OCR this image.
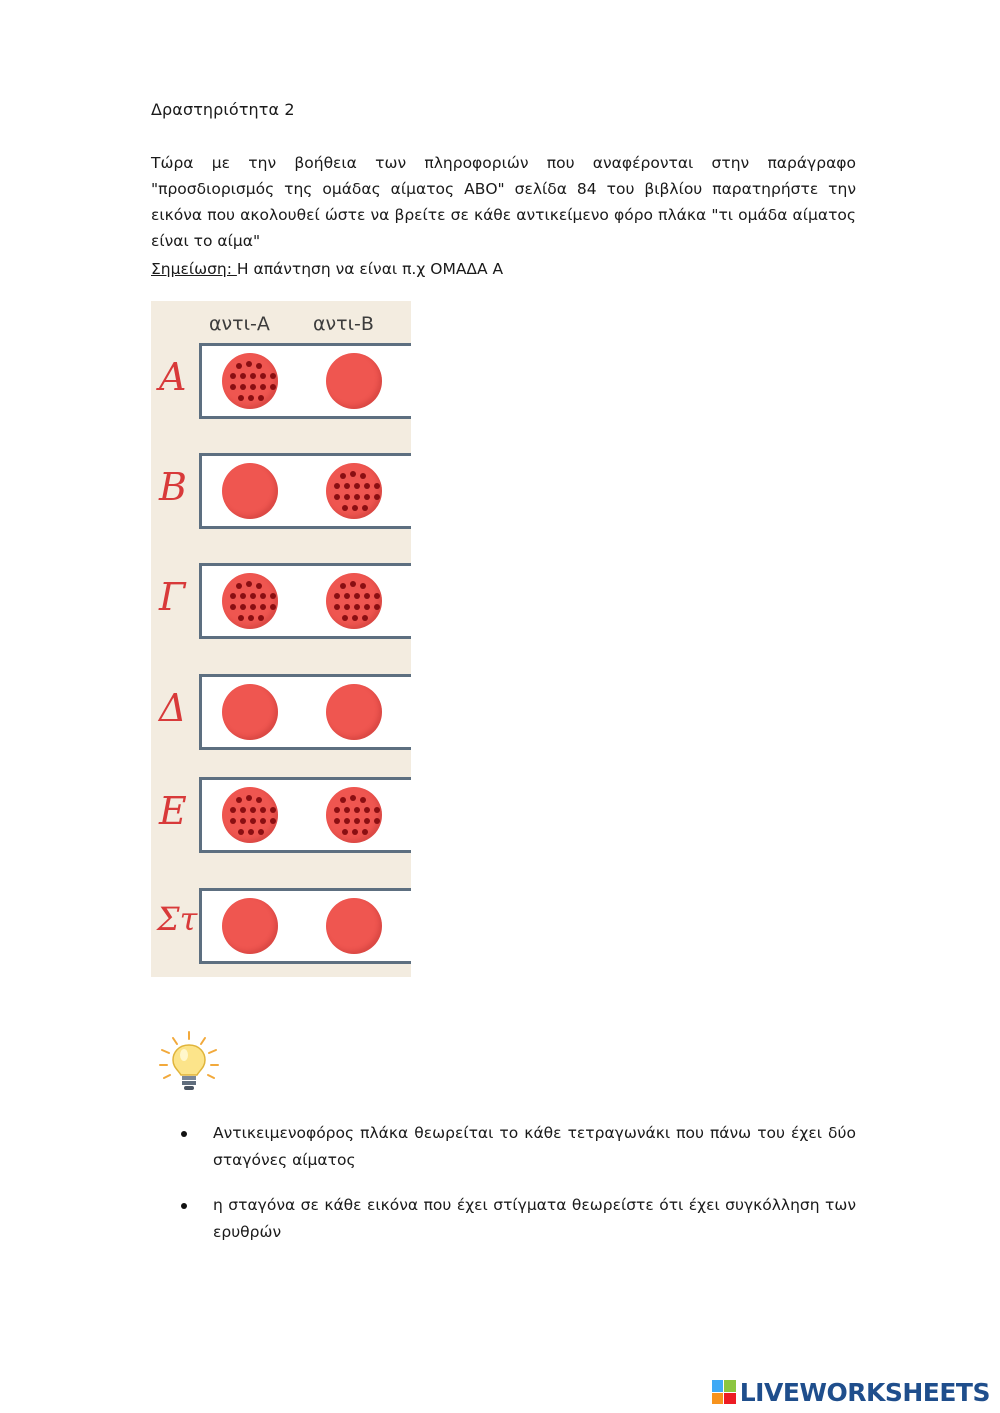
Δραστηριότητα 2
Τώρα με την βοήθεια των πληροφοριών που αναφέρονται στην παράγραφο "προσδιορισμός της ομάδας αίματος ΑΒΟ" σελίδα 84 του βιβλίου παρατηρήστε την εικόνα που ακολουθεί ώστε να βρείτε σε κάθε αντικείμενο φόρο πλάκα "τι ομάδα αίματος είναι το αίμα"
Σημείωση: Η απάντηση να είναι π.χ ΟΜΑΔΑ Α
αντι-Α αντι-Β
A
B
Γ
Δ
Ε
Στ
Αντικειμενοφόρος πλάκα θεωρείται το κάθε τετραγωνάκι που πάνω του έχει δύο σταγόνες αίματος
η σταγόνα σε κάθε εικόνα που έχει στίγματα θεωρείστε ότι έχει συγκόλληση των ερυθρών
LIVEWORKSHEETS
